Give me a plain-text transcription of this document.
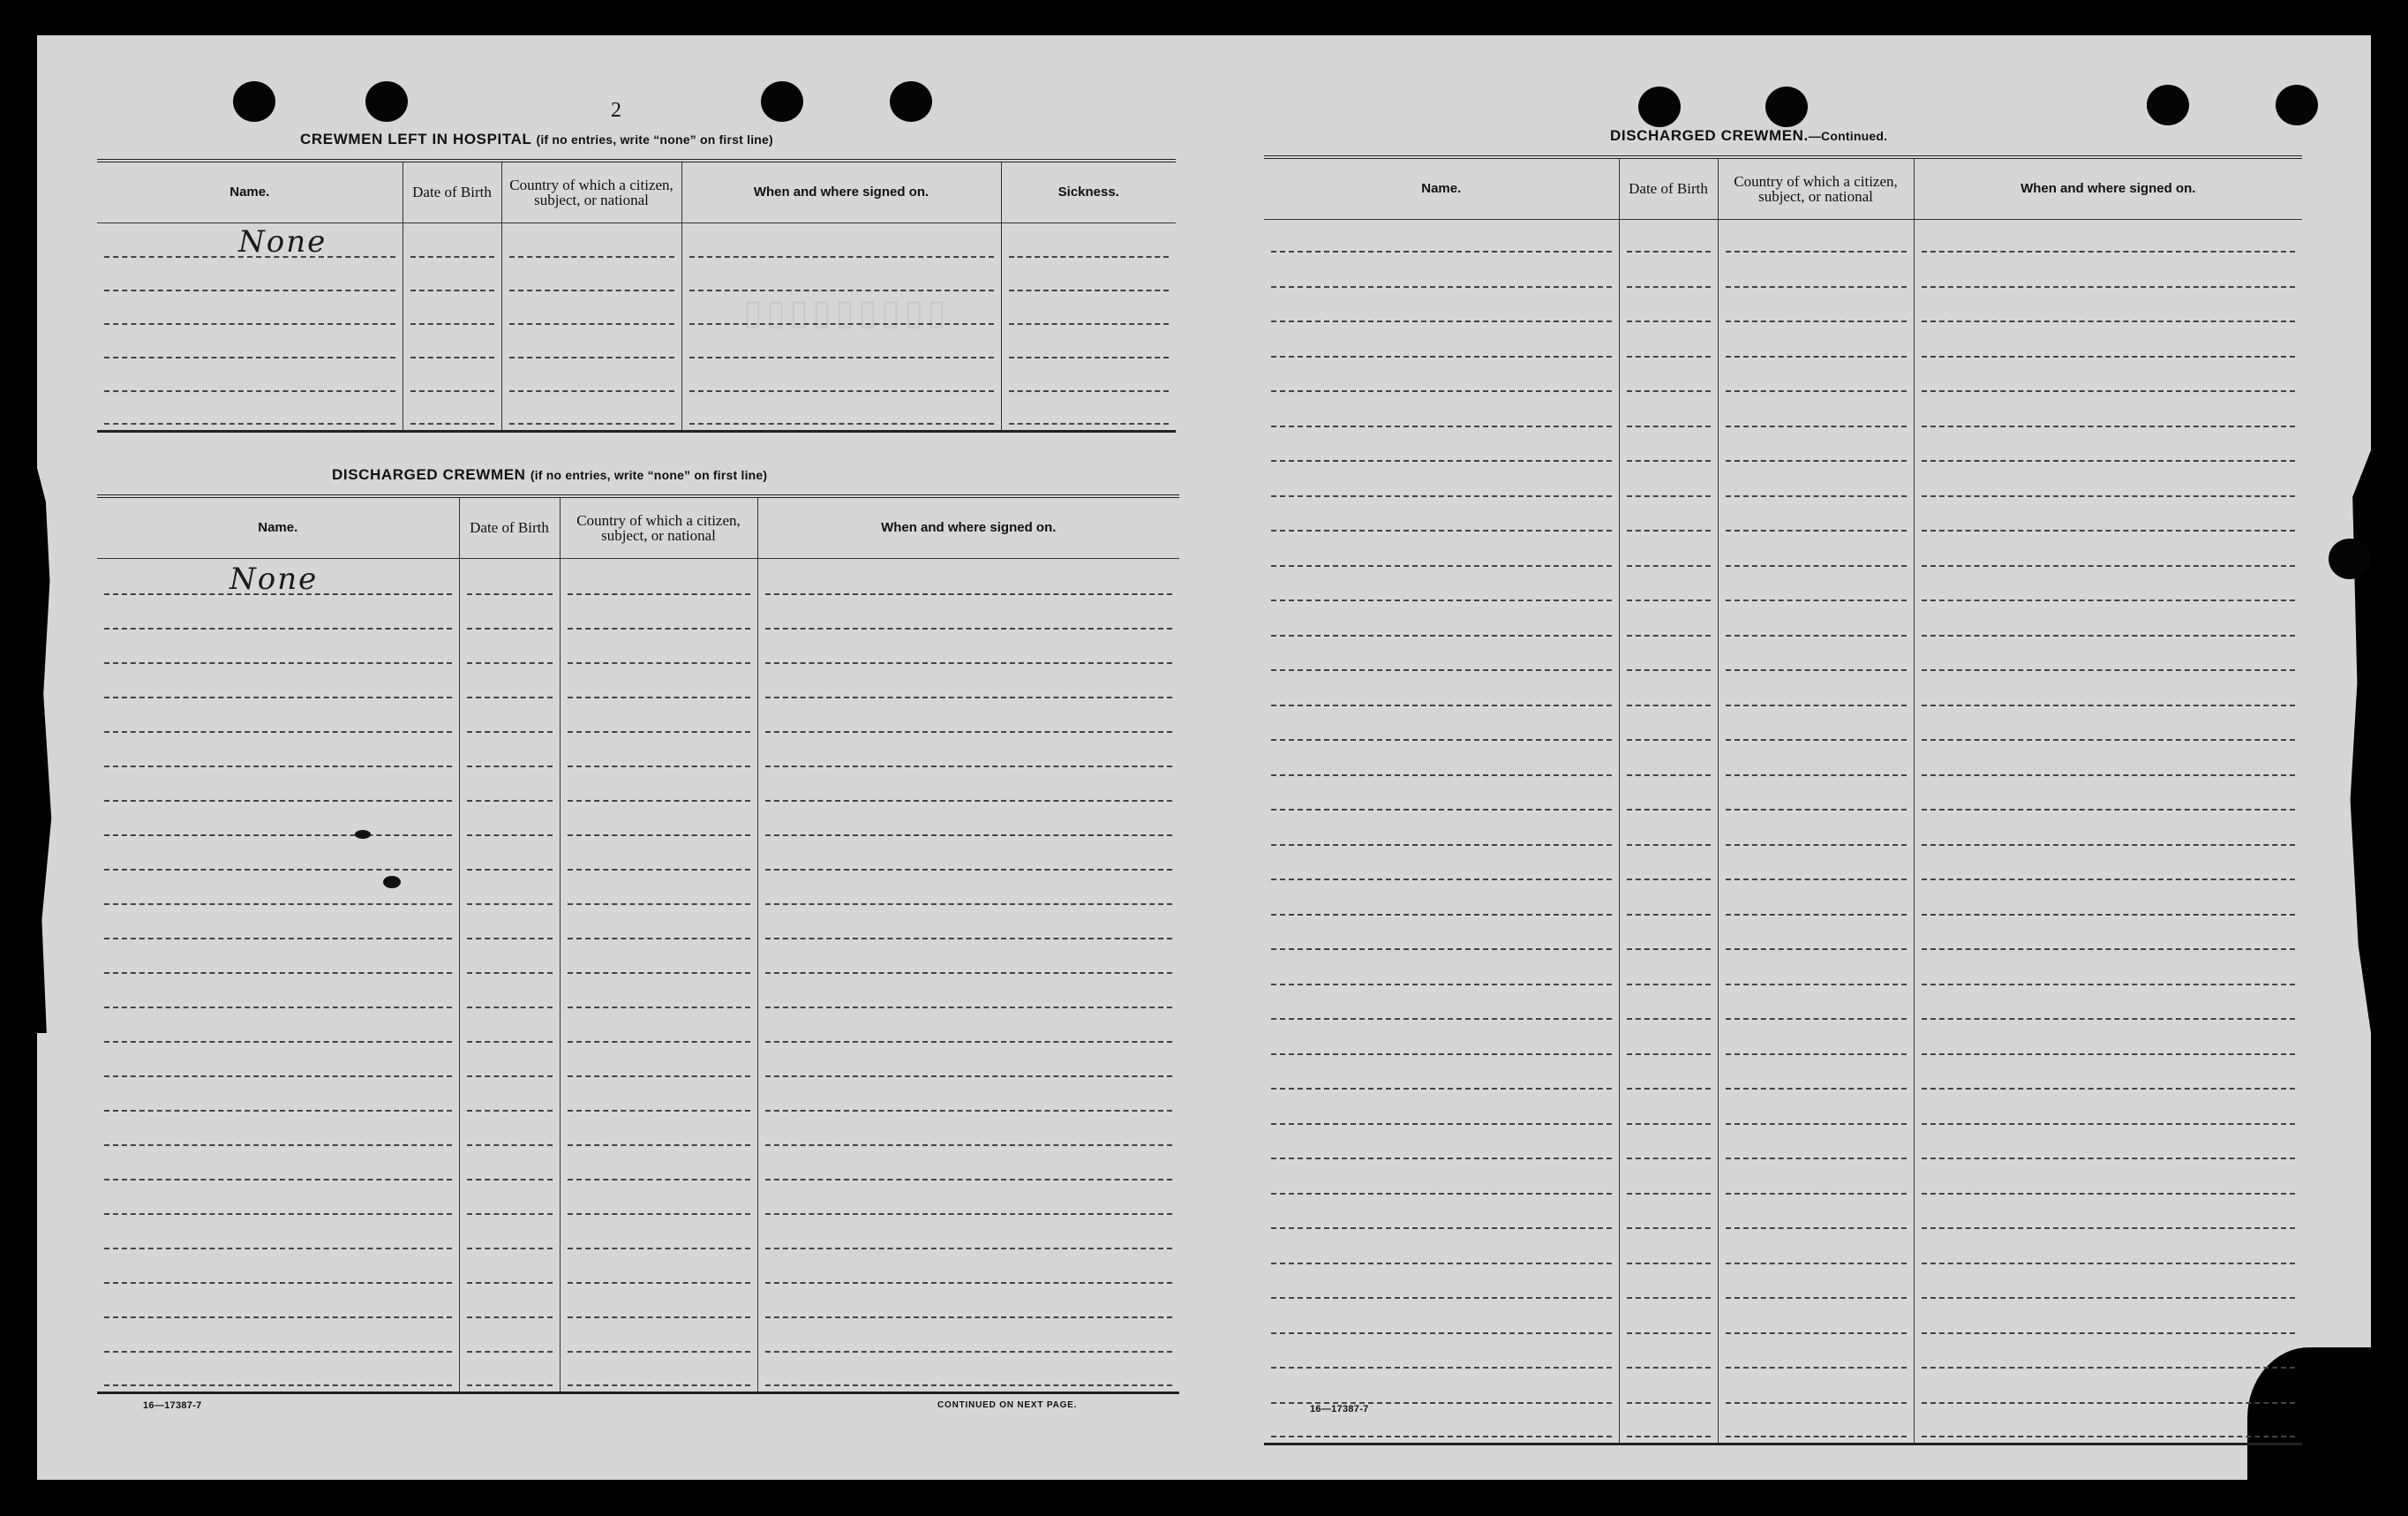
2
CREWMEN LEFT IN HOSPITAL (if no entries, write “none” on first line)
▯▯▯▯▯▯▯▯▯
Name.	Date of Birth	Country of which a citizen, subject, or national	When and where signed on.	Sickness.

None				

DISCHARGED CREWMEN (if no entries, write “none” on first line)
Name.	Date of Birth	Country of which a citizen, subject, or national	When and where signed on.

None			

16—17387-7	CONTINUED ON NEXT PAGE.
DISCHARGED CREWMEN.—Continued.
Name.	Date of Birth	Country of which a citizen, subject, or national	When and where signed on.

16—17387-7
